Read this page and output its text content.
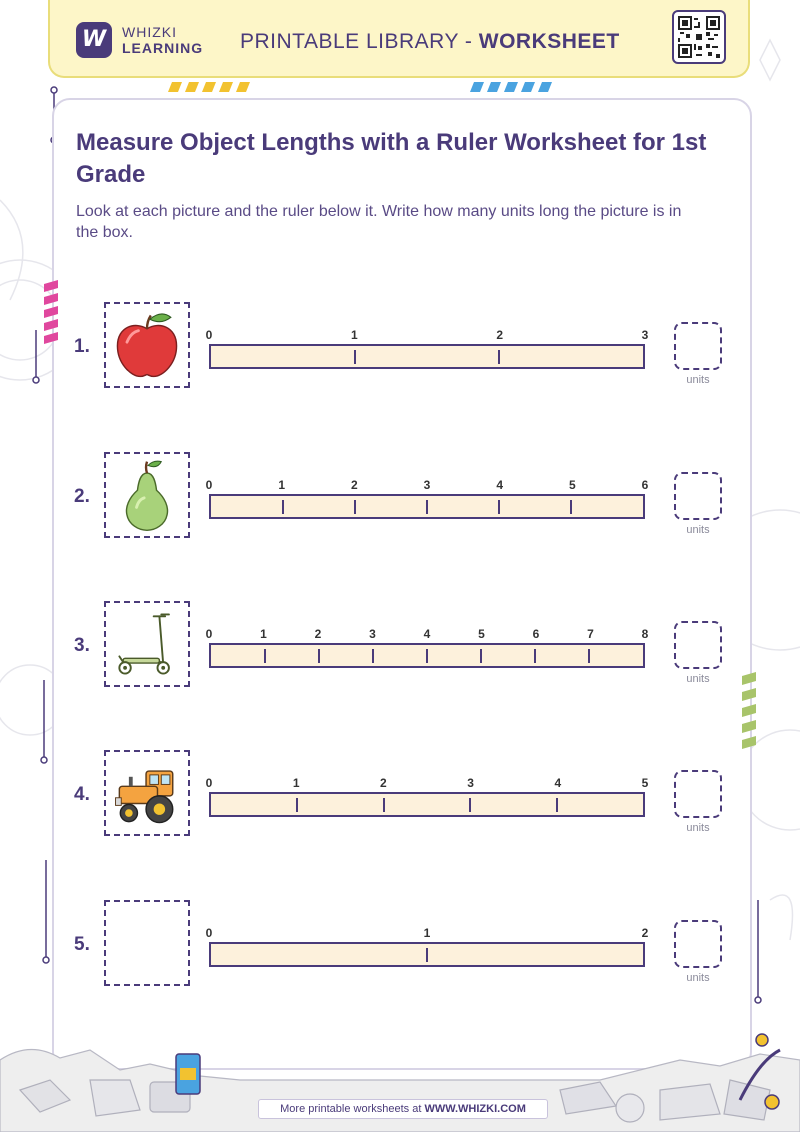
W	WHIZKI
LEARNING PRINTABLE LIBRARY - WORKSHEET
Measure Object Lengths with a Ruler Worksheet for 1st Grade

Look at each picture and the ruler below it. Write how many units long the picture is in the box.

1.
0	1	2	3
units
2.
0	1	2	3	4	5	6
units
3.
0	1	2	3	4	5	6	7	8
units
4.
0	1	2	3	4	5
units
5.
0	1	2
units
More printable worksheets at WWW.WHIZKI.COM
